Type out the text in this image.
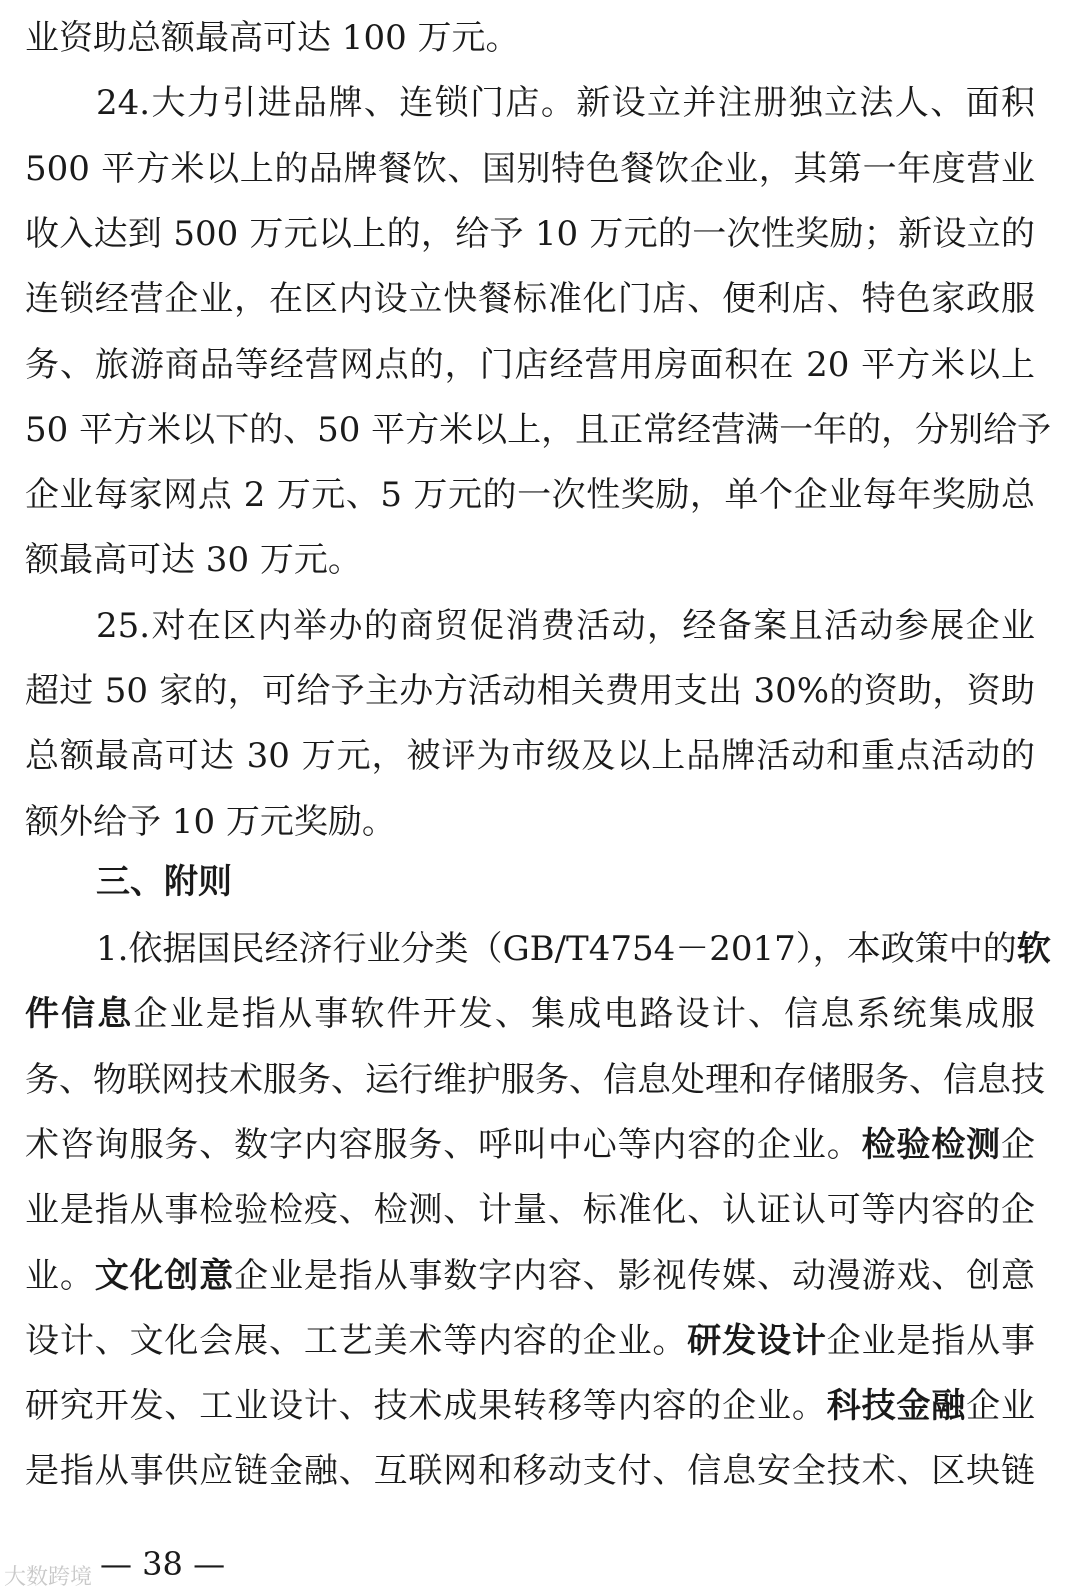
业资助总额最高可达 100 万元。
24.大力引进品牌、连锁门店。新设立并注册独立法人、面积
500 平方米以上的品牌餐饮、国别特色餐饮企业，其第一年度营业
收入达到 500 万元以上的，给予 10 万元的一次性奖励；新设立的
连锁经营企业，在区内设立快餐标准化门店、便利店、特色家政服
务、旅游商品等经营网点的，门店经营用房面积在 20 平方米以上
50 平方米以下的、50 平方米以上，且正常经营满一年的，分别给予
企业每家网点 2 万元、5 万元的一次性奖励，单个企业每年奖励总
额最高可达 30 万元。
25.对在区内举办的商贸促消费活动，经备案且活动参展企业
超过 50 家的，可给予主办方活动相关费用支出 30%的资助，资助
总额最高可达 30 万元，被评为市级及以上品牌活动和重点活动的
额外给予 10 万元奖励。
三、附则
1.依据国民经济行业分类（GB/T4754－2017），本政策中的软
件信息企业是指从事软件开发、集成电路设计、信息系统集成服
务、物联网技术服务、运行维护服务、信息处理和存储服务、信息技
术咨询服务、数字内容服务、呼叫中心等内容的企业。检验检测企
业是指从事检验检疫、检测、计量、标准化、认证认可等内容的企
业。文化创意企业是指从事数字内容、影视传媒、动漫游戏、创意
设计、文化会展、工艺美术等内容的企业。研发设计企业是指从事
研究开发、工业设计、技术成果转移等内容的企业。科技金融企业
是指从事供应链金融、互联网和移动支付、信息安全技术、区块链
— 38 —
大数跨境
